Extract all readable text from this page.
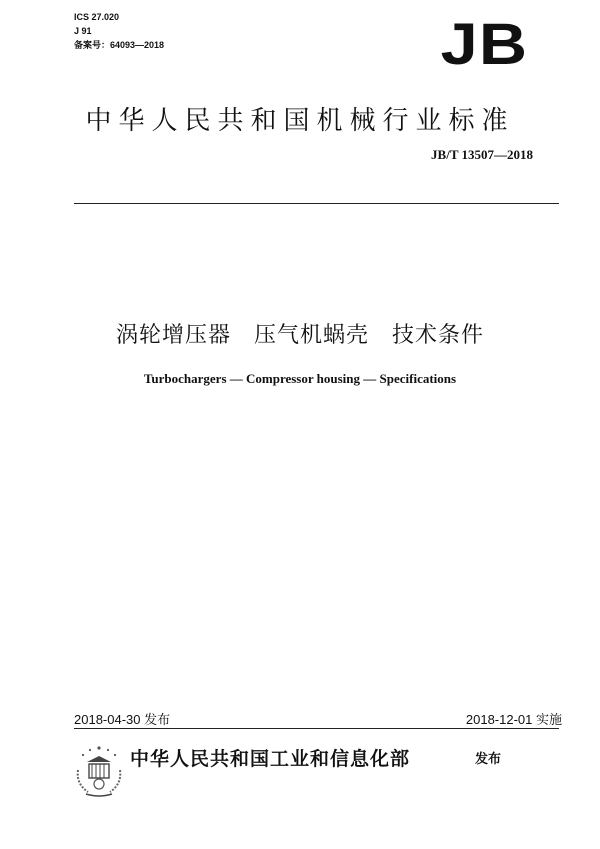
ICS 27.020
J 91
备案号：64093—2018	JB
中华人民共和国机械行业标准
JB/T 13507—2018
涡轮增压器　压气机蜗壳　技术条件
Turbochargers — Compressor housing — Specifications
2018-04-30 发布	2018-12-01 实施
中华人民共和国工业和信息化部	发布
